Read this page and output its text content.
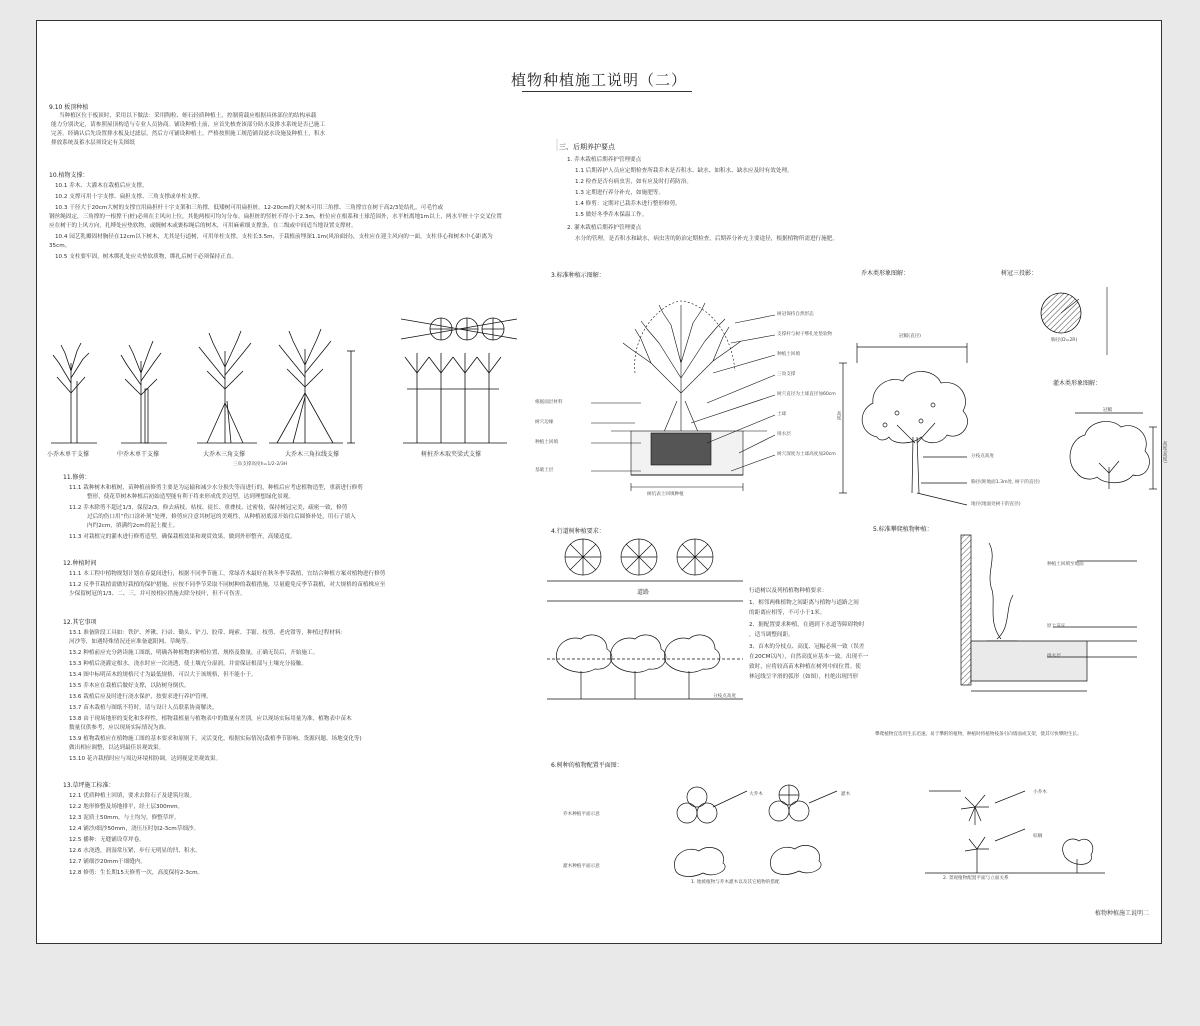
植物种植施工说明（二）
9.10 板顶种植
当种植区位于板顶时，采用以下做法：采用陶粒、蛭石轻质种植土，控制荷载应根据具体部位的结构承载
能力分别决定，请参照屋顶构造与专业人员协商。铺设种植土前，应首先核查该部分防水及排水系统是否已施工
完善。经确认后先设置排水板及过滤层，然后方可铺设种植土。严格按照施工规范铺设滤水设施及种植土，积水
排放系统及蓄水层须设定有关图纸
10.植物支撑：
10.1 乔木、大灌木在栽植后应支撑。
10.2 支撑可用十字支撑、扁担支撑、三角支撑或单柱支撑。
10.3 干径大于20cm大树的支撑宜用扁担杆十字支架和三角撑，低矮树可用扁担桩。12-20cm的大树木可用三角撑、三角撑宜在树干高2/3处结扎，可毛竹或
钢丝绳固定，三角撑的一根撑干(桩)必须在主风向上位，其他两根可均匀分布。扁担桩的竖桩不得小于2.3m，桩位应在根系和土球范围外，水平桩离地1m以上，两水平桩十字交叉位置
应在树干的上风方向，扎缚处应垫软物，或缠树木或裹棕绳后的树木，可用麻索细支撑条，在二级或中间适当地设置支撑材。
10.4 园艺乳瓣固材胸径在12cm以下树木，尤其是行道树，可用单柱支撑。支柱长3.5m，于栽植前埋深1.1m(风治面轻)，支柱应在迎主风向的一面，支柱非心和树木中心距离为
35cm。
10.5 支柱要牢固，树木绑扎处应夹垫软质物，绑扎后树干必须保持正直。
小乔木单干支撑	中乔木单干支撑	大乔木三角支撑	大乔木三角拉线支撑	树桩乔木取夹梁式支撑
三角支撑高度h=1/2-2/3H
11.修剪：
11.1 栽种树木和植树，苗种植前修剪主要是为运输和减少水分损失等而进行的，种植后应考虑植物造型，重新进行修剪
整形，使花草树木种植后初始造型能有利于将来形成优美冠型，达到理想绿化景观。
11.2 乔木除剪不超过1/3，保留2/3，修去病枝、枯枝、徒长、重叠枝、过密枝，保持树冠完美，疏密一致，修剪
过后的伤口用“伤口涂补剂”处理，修剪应注意其树冠的美观性，从种植初底部开始往后圆修补处，用石子填入
内约2cm，填满约2cm的泥土覆土。
11.3 对栽植完的灌木进行修剪造型，确保栽植效果和观赏效果，做到外形整齐，高矮适度。
12.种植时间
11.1 本工程中植物规划计划在春夏间进行，根据不同季节施工，常绿乔木最好在秋冬季节栽植，宜结合种植方案对植物进行修剪
11.2 反季节栽植需做好栽植的保护措施，应按不同季节采取不同树种的栽植措施，尽量避免反季节栽植，对大规格的苗植株应至
少保留树冠的1/3、二、三，并可按相应措施去除分枝叶，但不可伤害。
12.其它事项
13.1 准备阶段工具如：铁铲、斧锹、扫帚、锄头、铲刀、胶带、绳索、手锯、枝剪、老虎钳等，种植过程材料：
河沙等，如遇特殊情况还应准备遮阳网、草绳等。
13.2 种植前应充分熟读施工图纸，明确各种植物的种植位置、规格及数量，正确无误后，开始施工。
13.3 种植后浇灌定根水，浇水时应一次浇透，使土壤充分湿润，并需保证根部与土壤充分接触。
13.4 图中标明苗木的规格尺寸为最低规格，可以大于该规格，但不能小于。
13.5 乔木应在栽植后做好支撑，以防树身倒伏。
13.6 栽植后应及时进行浇水保护，按要求进行养护管理。
13.7 苗木栽植与图纸不符时，请与设计人员联系协商解决。
13.8 由于现场地形的变化和多样性，植物栽植量与植物表中的数量有差别，应以现场实际用量为准，植物表中苗木
数量仅供参考，应以现场实际情况为准。
13.9 植物栽植应在植物施工图的基本要求和原则下，灵活变化，根据实际情况(栽植季节影响、货源问题、场地变化等)
做出相应调整，以达到最佳景观效果。
13.10 花卉栽植时应与周边环境相协调，达到视觉美观效果。
13.草坪施工标准：
12.1 优质种植土回填，要求去除石子及建筑垃圾。
12.2 地形修整及场地排平，经土层300mm。
12.3 泥质土50mm，与土均匀，修整草坪。
12.4 铺沙/细沙50mm，浇压压时加2-3cm草细沙。
12.5 播种：无缝铺设草坪卷。
12.6 水浇透，润湿常压紧，步行无明显的凹、积水。
12.7 铺细沙20mm于细缝内。
12.8 修剪：生长期15天修剪一次，高度保持2-3cm。
三、后期养护要点
1. 乔木栽植后期养护管理要点
1.1 后期养护人员应定期检查所栽乔木是否积水、缺水、如积水、缺水应及时有效处理。
1.2 检查是否有病虫害，如有应及时打药防治。
1.3 定期进行养分补充，如施肥等。
1.4 修剪：定期对已栽乔木进行整形修剪。
1.5 做好冬季乔木保温工作。
2. 灌木栽植后期养护管理要点
水分的管理，是否积水和缺水，病虫害的防治定期检查，后期养分补充主要途径，根据植物所需进行施肥。
3.标准种植示图解：
树冠保持自然形态
支撑杆与树干绑扎处垫软物
种植土回填
三角支撑
树穴直径为土球直径加60cm
土球
排水层
树穴深度为土球高度加20cm
根据面层材料
树穴边缘
种植土回填
基础土层
树坑表土回填种植
乔木类形象图解：
冠幅(直径)
高度
分枝点高度
胸径(距地面1.3m处, 树干的直径)
地径(地面处树干的直径)
树冠三投影：
胸径(D=2R)
灌木类形象图解：
冠幅
高度(高度)
4.行道树种植要求：
道路
分枝点高度
行道树以及列植植物种植要求：
1、相邻两株植物之间距离与植物与道路之间
的距离应相等，不可小于1米。
2、据配置要求种植，在遇到下水道等障碍物时
，适当调整间距。
3、首木的分枝点、高度、冠幅必须一致（误差
在20CM以内），自然高度应基本一致。出现不一
致时，应将较高苗木种植在树列中间位置。使
林冠线呈平滑的弧形（如图），杜绝出现凹形
5.标准攀爬植物种植：
种植土回填至地面
原土夯实
排水层
攀爬植物宜选用生长迅速、易于攀附的植物，种植时将植物枝条引向墙面或支架，使其尽快攀附生长。
6.树种的植物配置平面图：
乔木种植平面示意
灌木种植平面示意
大乔木	灌木
1. 地被植物与乔木灌木以及其它植物的搭配
小乔木
棕榈
2. 景观植物配置平面与立面关系
植物种植施工说明二
